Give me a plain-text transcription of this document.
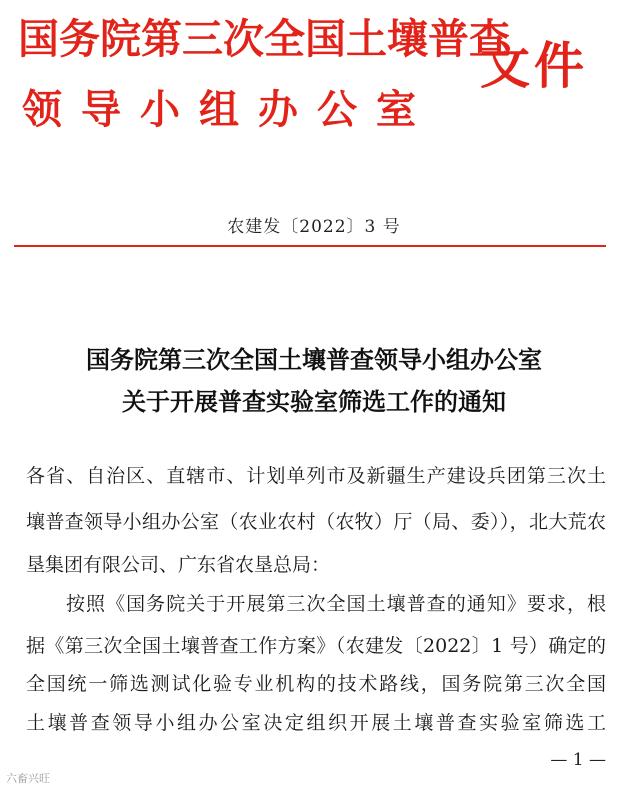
国务院第三次全国土壤普查
领导小组办公室
文件
农建发〔2022〕3 号
国务院第三次全国土壤普查领导小组办公室
关于开展普查实验室筛选工作的通知
各省、自治区、直辖市、计划单列市及新疆生产建设兵团第三次土
壤普查领导小组办公室（农业农村（农牧）厅（局、委）），北大荒农
垦集团有限公司、广东省农垦总局：
按照《国务院关于开展第三次全国土壤普查的通知》要求，根
据《第三次全国土壤普查工作方案》（农建发〔2022〕1 号）确定的
全国统一筛选测试化验专业机构的技术路线，国务院第三次全国
土壤普查领导小组办公室决定组织开展土壤普查实验室筛选工
— 1 —
六畜兴旺
